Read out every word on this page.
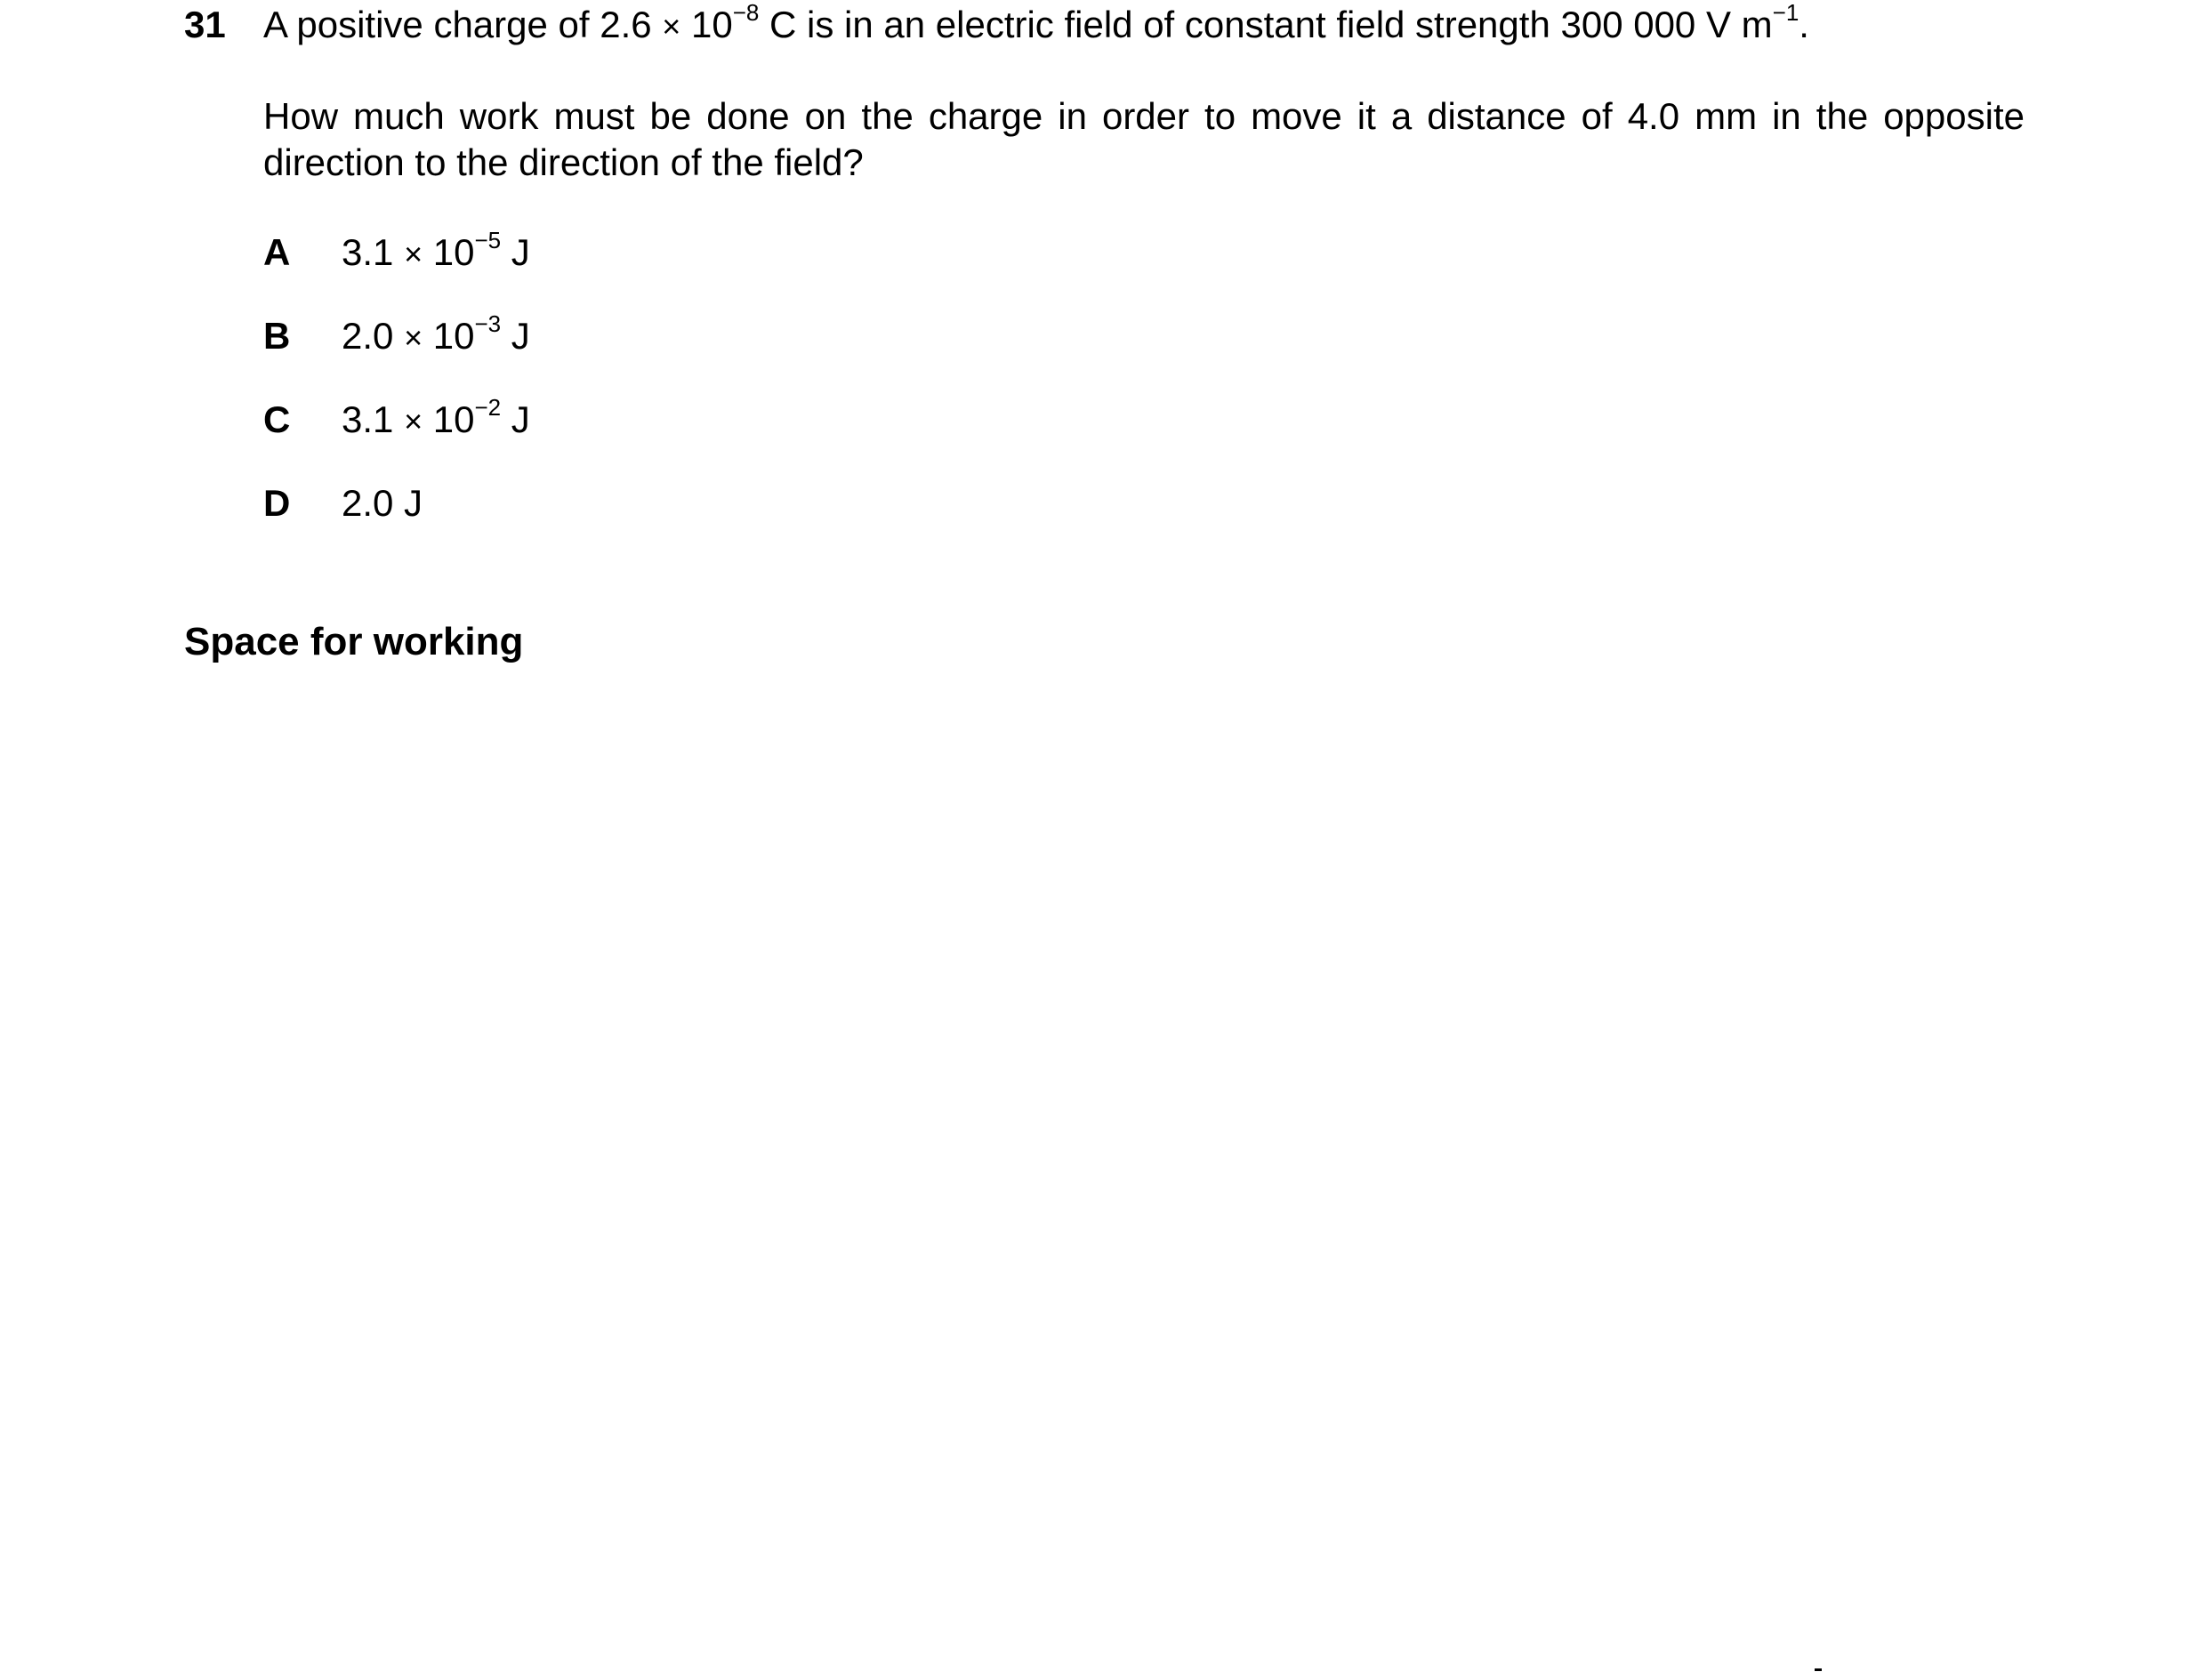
31 A positive charge of $2.6 \times 10^{-8}$ C is in an electric field of constant field strength 300 000 V $m^{-1}$.
How much work must be done on the charge in order to move it a distance of 4.0 mm in the opposite direction to the direction of the field?
A $3.1 \times 10^{-5}$ J
B $2.0 \times 10^{-3}$ J
C $3.1 \times 10^{-2}$ J
D 2.0 J
Space for working
